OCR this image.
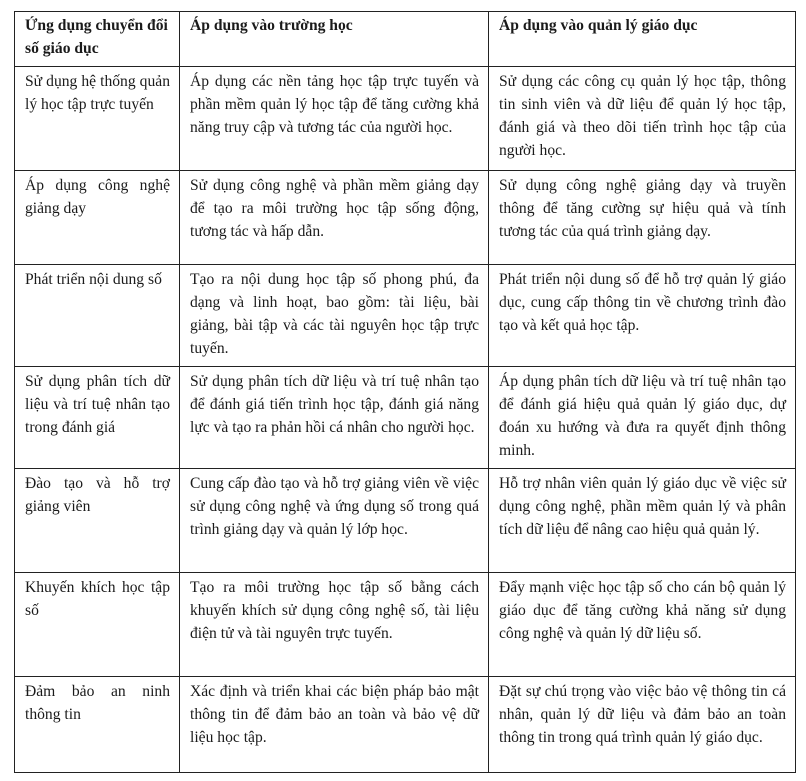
Ứng dụng chuyển đổi số giáo dục	Áp dụng vào trường học	Áp dụng vào quản lý giáo dục
Sử dụng hệ thống quản lý học tập trực tuyến	Áp dụng các nền tảng học tập trực tuyến và phần mềm quản lý học tập để tăng cường khả năng truy cập và tương tác của người học.	Sử dụng các công cụ quản lý học tập, thông tin sinh viên và dữ liệu để quản lý học tập, đánh giá và theo dõi tiến trình học tập của người học.
Áp dụng công nghệ giảng dạy	Sử dụng công nghệ và phần mềm giảng dạy để tạo ra môi trường học tập sống động, tương tác và hấp dẫn.	Sử dụng công nghệ giảng dạy và truyền thông để tăng cường sự hiệu quả và tính tương tác của quá trình giảng dạy.
Phát triển nội dung số	Tạo ra nội dung học tập số phong phú, đa dạng và linh hoạt, bao gồm: tài liệu, bài giảng, bài tập và các tài nguyên học tập trực tuyến.	Phát triển nội dung số để hỗ trợ quản lý giáo dục, cung cấp thông tin về chương trình đào tạo và kết quả học tập.
Sử dụng phân tích dữ liệu và trí tuệ nhân tạo trong đánh giá	Sử dụng phân tích dữ liệu và trí tuệ nhân tạo để đánh giá tiến trình học tập, đánh giá năng lực và tạo ra phản hồi cá nhân cho người học.	Áp dụng phân tích dữ liệu và trí tuệ nhân tạo để đánh giá hiệu quả quản lý giáo dục, dự đoán xu hướng và đưa ra quyết định thông minh.
Đào tạo và hỗ trợ giảng viên	Cung cấp đào tạo và hỗ trợ giảng viên về việc sử dụng công nghệ và ứng dụng số trong quá trình giảng dạy và quản lý lớp học.	Hỗ trợ nhân viên quản lý giáo dục về việc sử dụng công nghệ, phần mềm quản lý và phân tích dữ liệu để nâng cao hiệu quả quản lý.
Khuyến khích học tập số	Tạo ra môi trường học tập số bằng cách khuyến khích sử dụng công nghệ số, tài liệu điện tử và tài nguyên trực tuyến.	Đẩy mạnh việc học tập số cho cán bộ quản lý giáo dục để tăng cường khả năng sử dụng công nghệ và quản lý dữ liệu số.
Đảm bảo an ninh thông tin	Xác định và triển khai các biện pháp bảo mật thông tin để đảm bảo an toàn và bảo vệ dữ liệu học tập.	Đặt sự chú trọng vào việc bảo vệ thông tin cá nhân, quản lý dữ liệu và đảm bảo an toàn thông tin trong quá trình quản lý giáo dục.
